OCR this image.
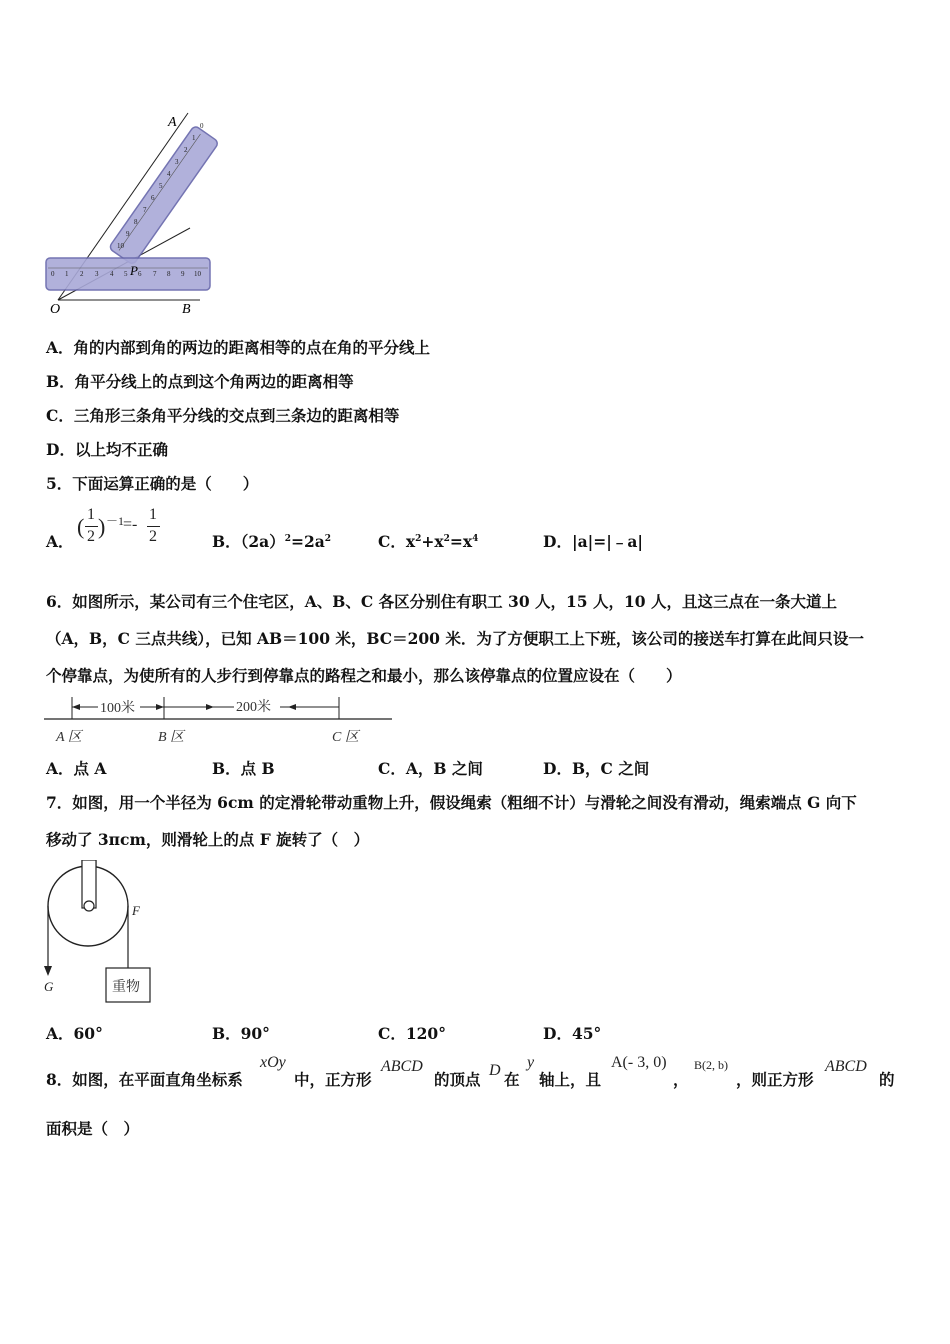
10
9
8
7
6
5
4
3
2
1
0
0 1 2 3 4 5 6 7 8 9 10
A
O	B
P
A．角的内部到角的两边的距离相等的点在角的平分线上
B．角平分线上的点到这个角两边的距离相等
C．三角形三条角平分线的交点到三条边的距离相等
D．以上均不正确
5．下面运算正确的是（　　）
A．
( 1
2 ) －1
=-
1
2	B．$(2a)^2=2a^2$	C．$x^2+x^2=x^4$	D．|a|=|﹣a|
6．如图所示，某公司有三个住宅区，A、B、C 各区分别住有职工 30 人，15 人，10 人，且这三点在一条大道上
（A，B，C 三点共线），已知 AB＝100 米，BC＝200 米．为了方便职工上下班，该公司的接送车打算在此间只设一
个停靠点，为使所有的人步行到停靠点的路程之和最小，那么该停靠点的位置应设在（　　）
100米	200米
A 区	B 区	C 区
A．点 A	B．点 B	C．A，B 之间	D．B，C 之间
7．如图，用一个半径为 6cm 的定滑轮带动重物上升，假设绳索（粗细不计）与滑轮之间没有滑动，绳索端点 G 向下
移动了 3πcm，则滑轮上的点 F 旋转了（　）
重物
F
G
A．60°	B．90°	C．120°	D．45°
8．如图，在平面直角坐标系
xOy
中，正方形
ABCD
的顶点 D 在
y
轴上，且
A(- 3, 0)
，
B(2, b)
，则正方形
ABCD
的
面积是（　）
